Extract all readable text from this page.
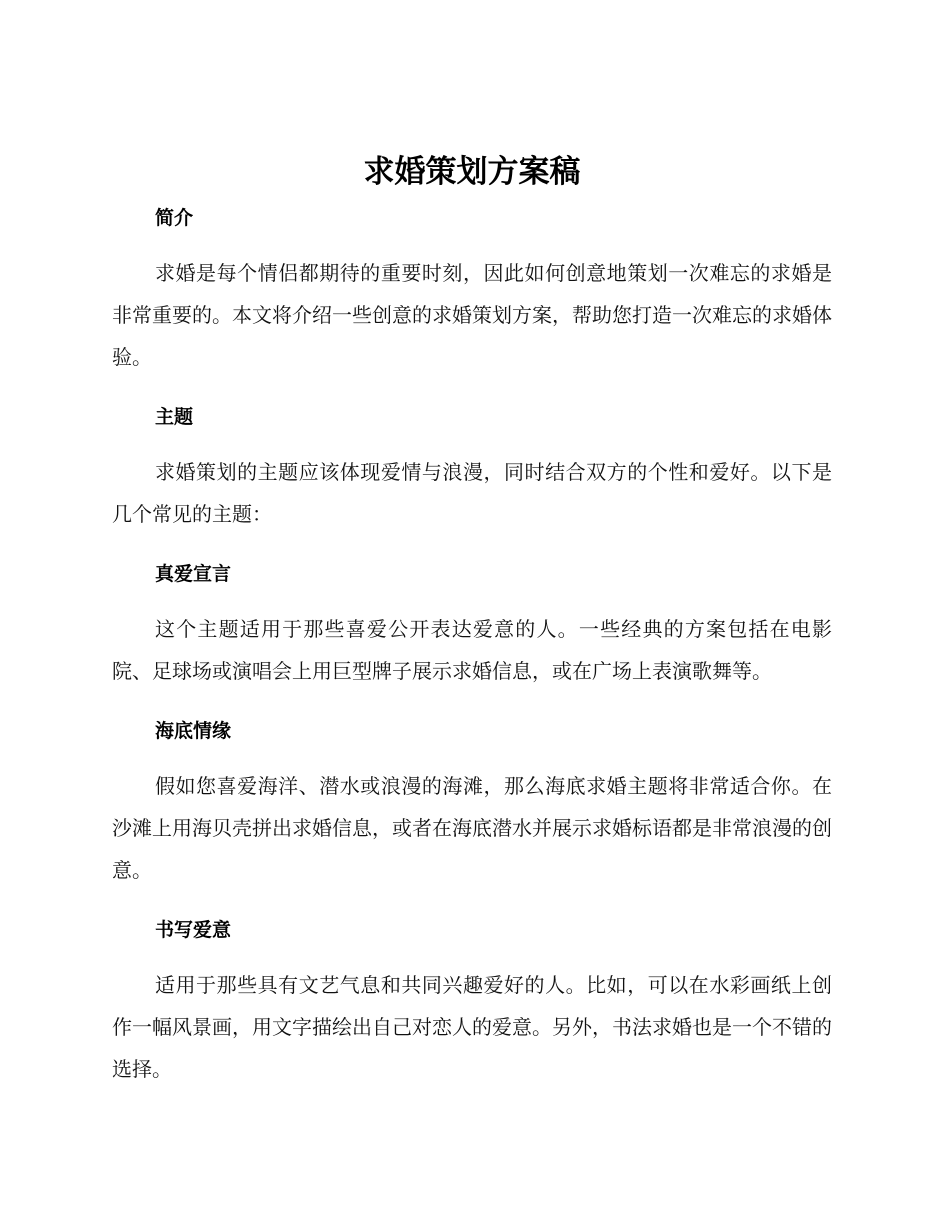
求婚策划方案稿
简介

求婚是每个情侣都期待的重要时刻，因此如何创意地策划一次难忘的求婚是非常重要的。本文将介绍一些创意的求婚策划方案，帮助您打造一次难忘的求婚体验。

主题

求婚策划的主题应该体现爱情与浪漫，同时结合双方的个性和爱好。以下是几个常见的主题：

真爱宣言

这个主题适用于那些喜爱公开表达爱意的人。一些经典的方案包括在电影院、足球场或演唱会上用巨型牌子展示求婚信息，或在广场上表演歌舞等。

海底情缘

假如您喜爱海洋、潜水或浪漫的海滩，那么海底求婚主题将非常适合你。在沙滩上用海贝壳拼出求婚信息，或者在海底潜水并展示求婚标语都是非常浪漫的创意。

书写爱意

适用于那些具有文艺气息和共同兴趣爱好的人。比如，可以在水彩画纸上创作一幅风景画，用文字描绘出自己对恋人的爱意。另外，书法求婚也是一个不错的选择。
